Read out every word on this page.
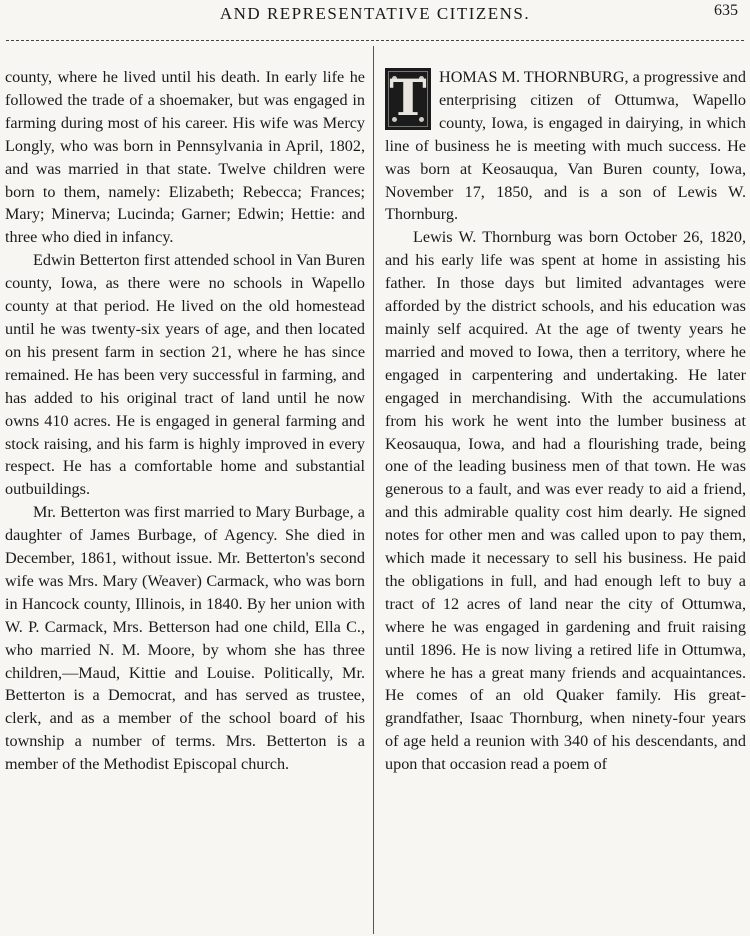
AND REPRESENTATIVE CITIZENS.	635

county, where he lived until his death. In early life he followed the trade of a shoemaker, but was engaged in farming during most of his career. His wife was Mercy Longly, who was born in Pennsylvania in April, 1802, and was married in that state. Twelve children were born to them, namely: Elizabeth; Rebecca; Frances; Mary; Minerva; Lucinda; Garner; Edwin; Hettie: and three who died in infancy.

Edwin Betterton first attended school in Van Buren county, Iowa, as there were no schools in Wapello county at that period. He lived on the old homestead until he was twenty-six years of age, and then located on his present farm in section 21, where he has since remained. He has been very successful in farming, and has added to his original tract of land until he now owns 410 acres. He is engaged in general farming and stock raising, and his farm is highly improved in every respect. He has a comfortable home and substantial outbuildings.

Mr. Betterton was first married to Mary Burbage, a daughter of James Burbage, of Agency. She died in December, 1861, without issue. Mr. Betterton's second wife was Mrs. Mary (Weaver) Carmack, who was born in Hancock county, Illinois, in 1840. By her union with W. P. Carmack, Mrs. Betterson had one child, Ella C., who married N. M. Moore, by whom she has three children,—Maud, Kittie and Louise. Politically, Mr. Betterton is a Democrat, and has served as trustee, clerk, and as a member of the school board of his township a number of terms. Mrs. Betterton is a member of the Methodist Episcopal church.

T HOMAS M. THORNBURG, a progressive and enterprising citizen of Ottumwa, Wapello county, Iowa, is engaged in dairying, in which line of business he is meeting with much success. He was born at Keosauqua, Van Buren county, Iowa, November 17, 1850, and is a son of Lewis W. Thornburg.

Lewis W. Thornburg was born October 26, 1820, and his early life was spent at home in assisting his father. In those days but limited advantages were afforded by the district schools, and his education was mainly self acquired. At the age of twenty years he married and moved to Iowa, then a territory, where he engaged in carpentering and undertaking. He later engaged in merchandising. With the accumulations from his work he went into the lumber business at Keosauqua, Iowa, and had a flourishing trade, being one of the leading business men of that town. He was generous to a fault, and was ever ready to aid a friend, and this admirable quality cost him dearly. He signed notes for other men and was called upon to pay them, which made it necessary to sell his business. He paid the obligations in full, and had enough left to buy a tract of 12 acres of land near the city of Ottumwa, where he was engaged in gardening and fruit raising until 1896. He is now living a retired life in Ottumwa, where he has a great many friends and acquaintances. He comes of an old Quaker family. His great-grandfather, Isaac Thornburg, when ninety-four years of age held a reunion with 340 of his descendants, and upon that occasion read a poem of
